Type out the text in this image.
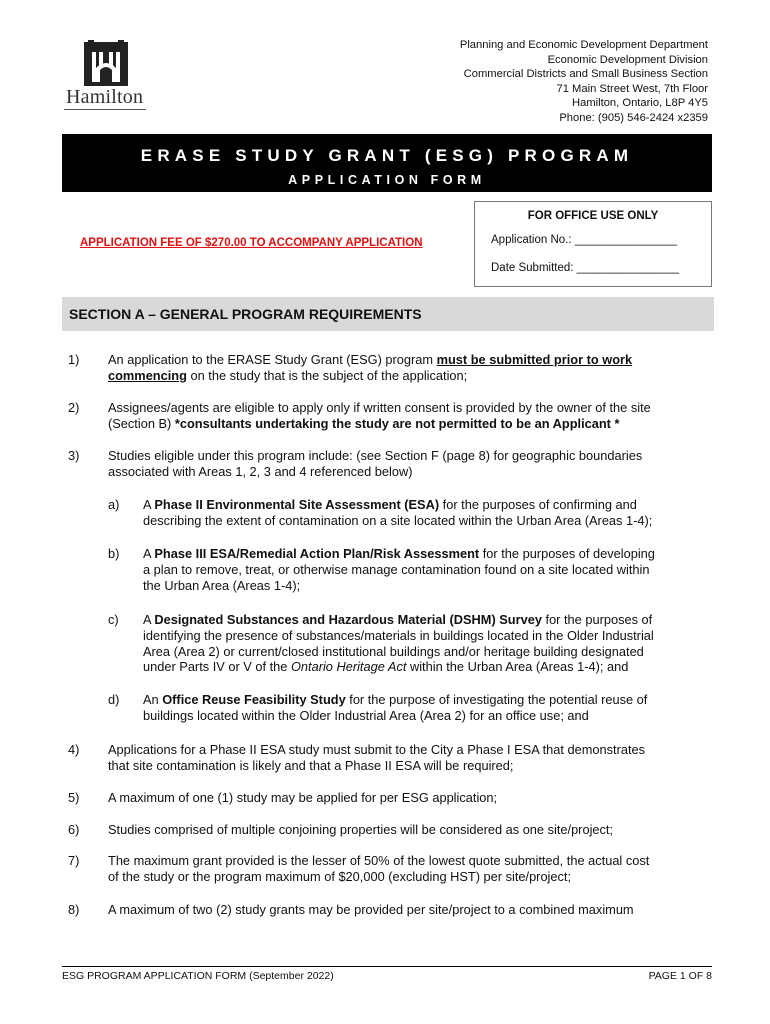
Hamilton
Planning and Economic Development Department
Economic Development Division
Commercial Districts and Small Business Section
71 Main Street West, 7th Floor
Hamilton, Ontario, L8P 4Y5
Phone: (905) 546-2424 x2359
ERASE STUDY GRANT (ESG) PROGRAM
APPLICATION FORM
APPLICATION FEE OF $270.00 TO ACCOMPANY APPLICATION
FOR OFFICE USE ONLY
Application No.: ________________
Date Submitted: ________________
SECTION A – GENERAL PROGRAM REQUIREMENTS
1) An application to the ERASE Study Grant (ESG) program must be submitted prior to work
commencing on the study that is the subject of the application;
2) Assignees/agents are eligible to apply only if written consent is provided by the owner of the site
(Section B) *consultants undertaking the study are not permitted to be an Applicant *
3) Studies eligible under this program include: (see Section F (page 8) for geographic boundaries
associated with Areas 1, 2, 3 and 4 referenced below)
a) A Phase II Environmental Site Assessment (ESA) for the purposes of confirming and
describing the extent of contamination on a site located within the Urban Area (Areas 1-4);
b) A Phase III ESA/Remedial Action Plan/Risk Assessment for the purposes of developing
a plan to remove, treat, or otherwise manage contamination found on a site located within
the Urban Area (Areas 1-4);
c) A Designated Substances and Hazardous Material (DSHM) Survey for the purposes of
identifying the presence of substances/materials in buildings located in the Older Industrial
Area (Area 2) or current/closed institutional buildings and/or heritage building designated
under Parts IV or V of the Ontario Heritage Act within the Urban Area (Areas 1-4); and
d) An Office Reuse Feasibility Study for the purpose of investigating the potential reuse of
buildings located within the Older Industrial Area (Area 2) for an office use; and
4) Applications for a Phase II ESA study must submit to the City a Phase I ESA that demonstrates
that site contamination is likely and that a Phase II ESA will be required;
5) A maximum of one (1) study may be applied for per ESG application;
6) Studies comprised of multiple conjoining properties will be considered as one site/project;
7) The maximum grant provided is the lesser of 50% of the lowest quote submitted, the actual cost
of the study or the program maximum of $20,000 (excluding HST) per site/project;
8) A maximum of two (2) study grants may be provided per site/project to a combined maximum
ESG PROGRAM APPLICATION FORM (September 2022)	PAGE 1 OF 8
